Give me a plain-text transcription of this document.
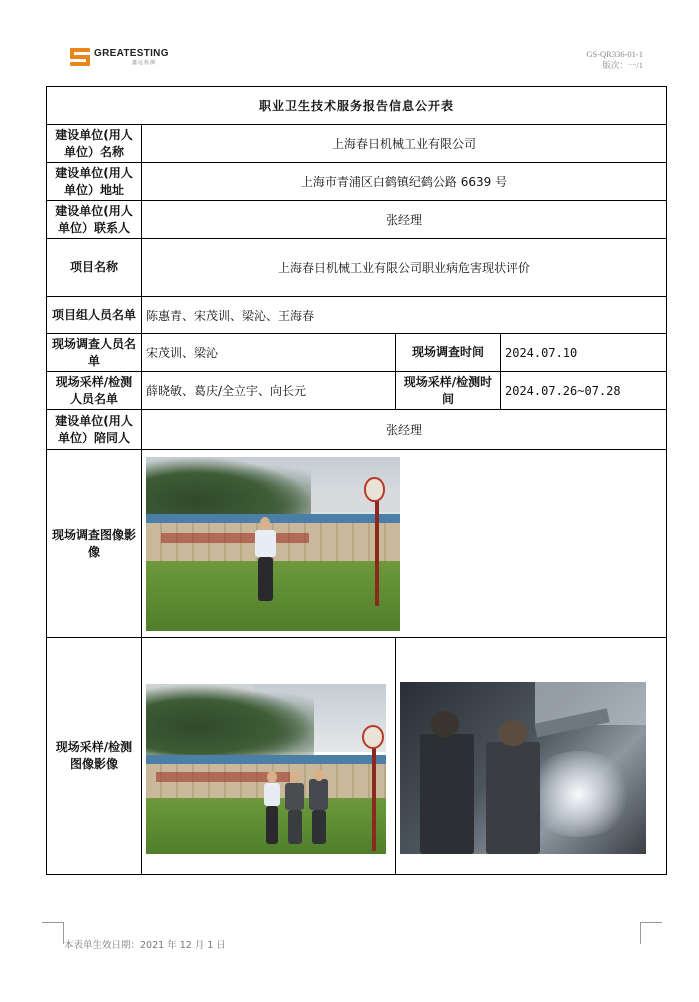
GREATESTING
鑫远检测
GS-QR336-01-1
版次：一/1
职业卫生技术服务报告信息公开表			
建设单位(用人单位）名称	上海春日机械工业有限公司		
建设单位(用人单位）地址	上海市青浦区白鹤镇纪鹤公路 6639 号		
建设单位(用人单位）联系人	张经理		
项目名称	上海春日机械工业有限公司职业病危害现状评价		
项目组人员名单	陈惠青、宋茂训、梁沁、王海春		
现场调查人员名单	宋茂训、梁沁	现场调查时间	2024.07.10
现场采样/检测人员名单	薛晓敏、葛庆/全立宇、向长元	现场采样/检测时间	2024.07.26~07.28
建设单位(用人单位）陪同人	张经理		
现场调查图像影像			

现场采样/检测图像影像		

本表单生效日期：2021 年 12 月 1 日
